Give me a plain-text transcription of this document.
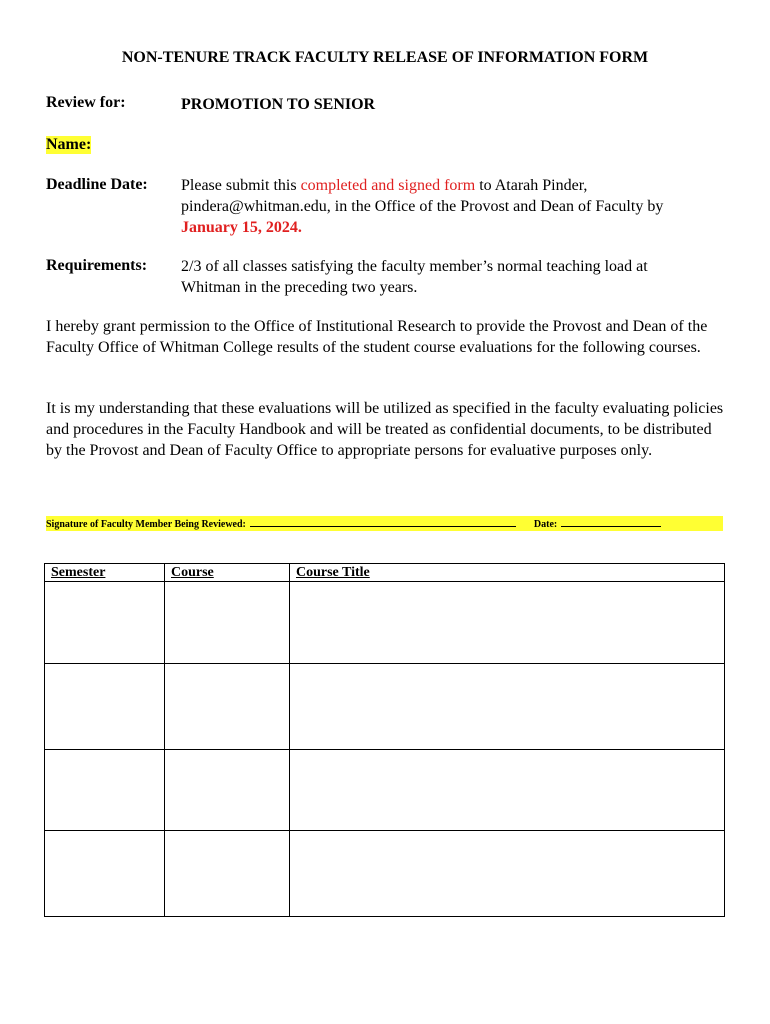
NON-TENURE TRACK FACULTY RELEASE OF INFORMATION FORM
Review for:	PROMOTION TO SENIOR
Name:
Deadline Date: Please submit this completed and signed form to Atarah Pinder,
pindera@whitman.edu, in the Office of the Provost and Dean of Faculty by
January 15, 2024.
Requirements: 2/3 of all classes satisfying the faculty member’s normal teaching load at
Whitman in the preceding two years.
I hereby grant permission to the Office of Institutional Research to provide the Provost and Dean of the Faculty Office of Whitman College results of the student course evaluations for the following courses.
It is my understanding that these evaluations will be utilized as specified in the faculty evaluating policies and procedures in the Faculty Handbook and will be treated as confidential documents, to be distributed by the Provost and Dean of Faculty Office to appropriate persons for evaluative purposes only.
Signature of Faculty Member Being Reviewed:	Date:
Semester	Course	Course Title
